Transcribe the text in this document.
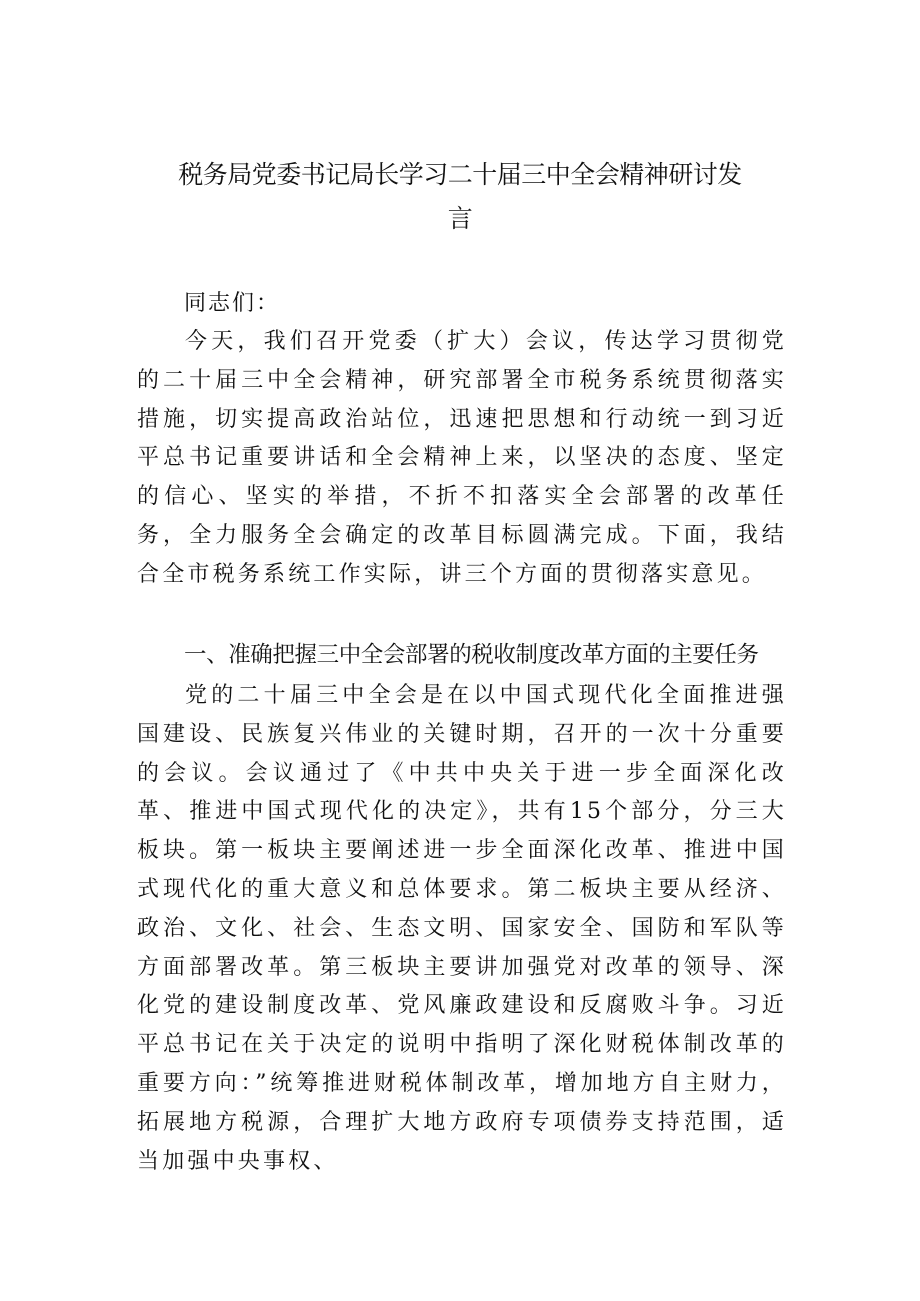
税务局党委书记局长学习二十届三中全会精神研讨发
言
同志们：
今天，我们召开党委（扩大）会议，传达学习贯彻党的二十届三中全会精神，研究部署全市税务系统贯彻落实措施，切实提高政治站位，迅速把思想和行动统一到习近平总书记重要讲话和全会精神上来，以坚决的态度、坚定的信心、坚实的举措，不折不扣落实全会部署的改革任务，全力服务全会确定的改革目标圆满完成。下面，我结合全市税务系统工作实际，讲三个方面的贯彻落实意见。
一、准确把握三中全会部署的税收制度改革方面的主要任务
党的二十届三中全会是在以中国式现代化全面推进强国建设、民族复兴伟业的关键时期，召开的一次十分重要的会议。会议通过了《中共中央关于进一步全面深化改革、推进中国式现代化的决定》，共有15个部分，分三大板块。第一板块主要阐述进一步全面深化改革、推进中国式现代化的重大意义和总体要求。第二板块主要从经济、政治、文化、社会、生态文明、国家安全、国防和军队等方面部署改革。第三板块主要讲加强党对改革的领导、深化党的建设制度改革、党风廉政建设和反腐败斗争。习近平总书记在关于决定的说明中指明了深化财税体制改革的重要方向：”统筹推进财税体制改革，增加地方自主财力，拓展地方税源，合理扩大地方政府专项债券支持范围，适当加强中央事权、
